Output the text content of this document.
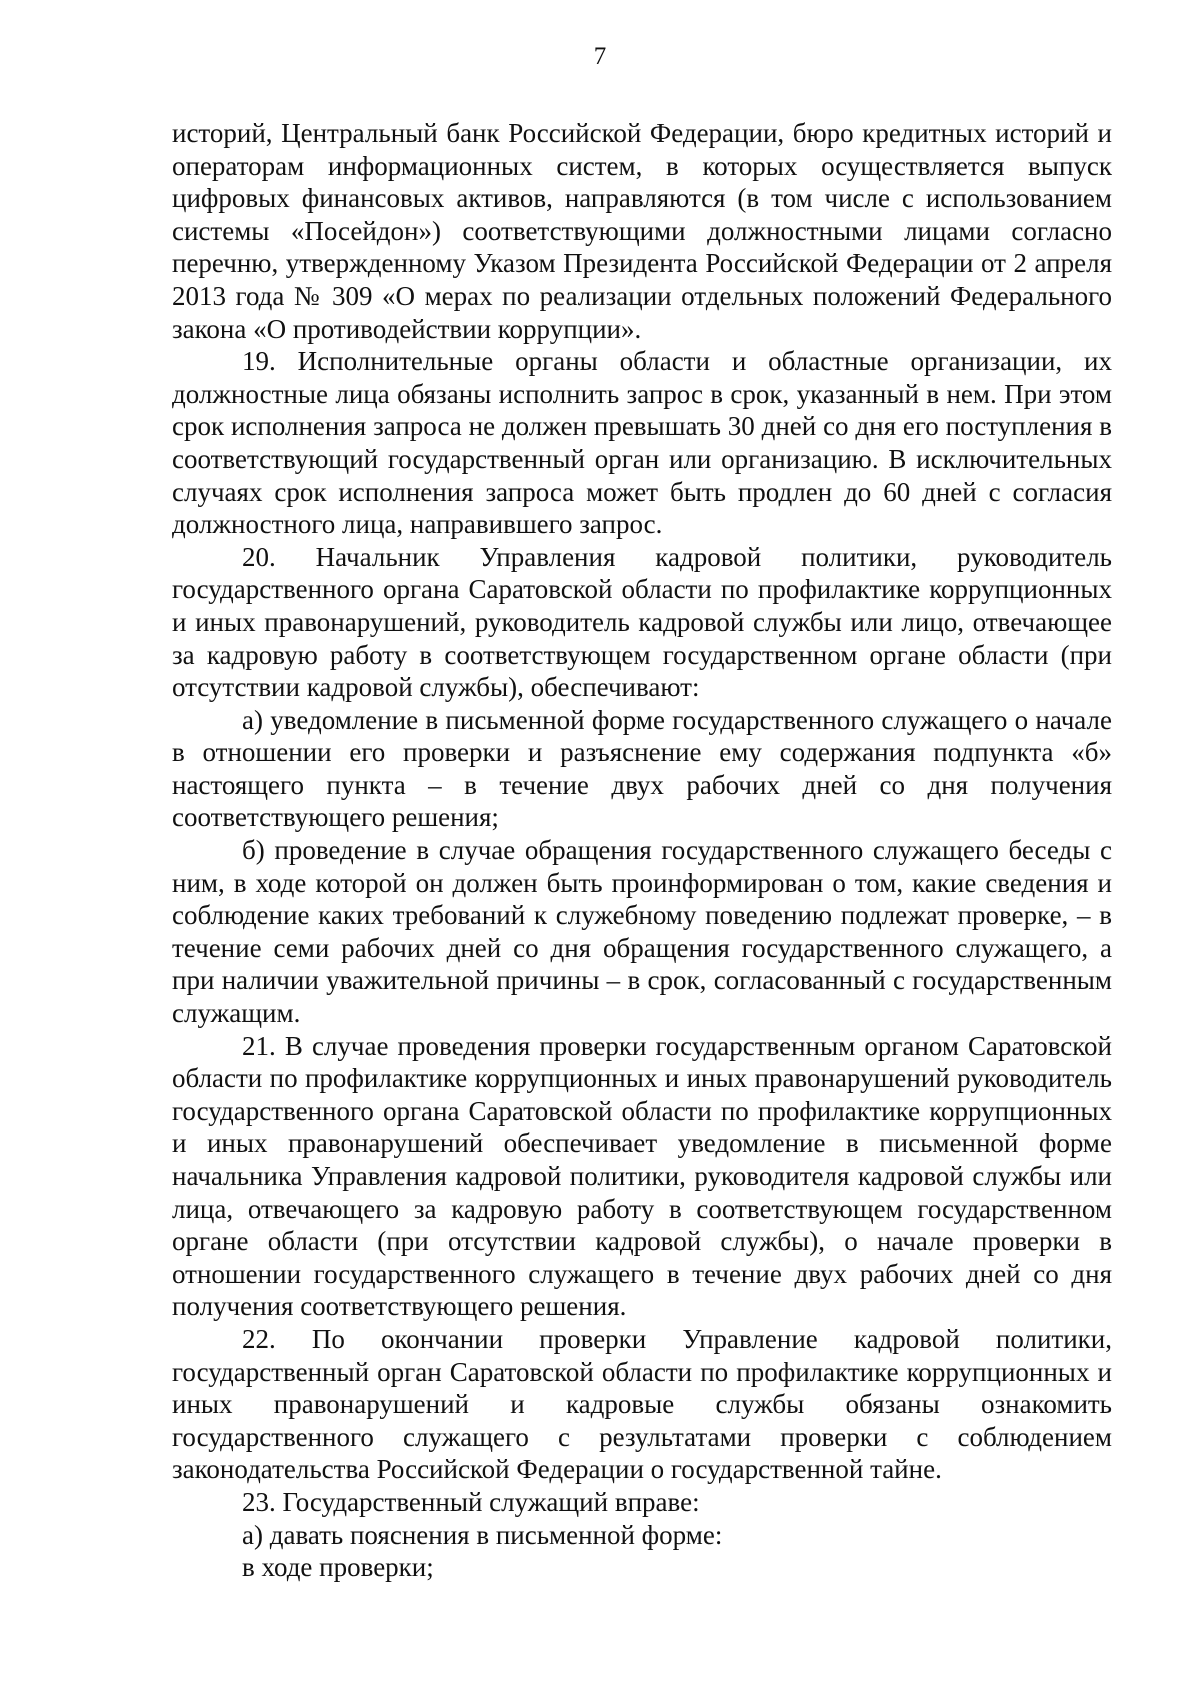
7

историй, Центральный банк Российской Федерации, бюро кредитных историй и операторам информационных систем, в которых осуществляется выпуск цифровых финансовых активов, направляются (в том числе с использованием системы «Посейдон») соответствующими должностными лицами согласно перечню, утвержденному Указом Президента Российской Федерации от 2 апреля 2013 года № 309 «О мерах по реализации отдельных положений Федерального закона «О противодействии коррупции».

19. Исполнительные органы области и областные организации, их должностные лица обязаны исполнить запрос в срок, указанный в нем. При этом срок исполнения запроса не должен превышать 30 дней со дня его поступления в соответствующий государственный орган или организацию. В исключительных случаях срок исполнения запроса может быть продлен до 60 дней с согласия должностного лица, направившего запрос.

20. Начальник Управления кадровой политики, руководитель государственного органа Саратовской области по профилактике коррупционных и иных правонарушений, руководитель кадровой службы или лицо, отвечающее за кадровую работу в соответствующем государственном органе области (при отсутствии кадровой службы), обеспечивают:

а) уведомление в письменной форме государственного служащего о начале в отношении его проверки и разъяснение ему содержания подпункта «б» настоящего пункта – в течение двух рабочих дней со дня получения соответствующего решения;

б) проведение в случае обращения государственного служащего беседы с ним, в ходе которой он должен быть проинформирован о том, какие сведения и соблюдение каких требований к служебному поведению подлежат проверке, – в течение семи рабочих дней со дня обращения государственного служащего, а при наличии уважительной причины – в срок, согласованный с государственным служащим.

21. В случае проведения проверки государственным органом Саратовской области по профилактике коррупционных и иных правонарушений руководитель государственного органа Саратовской области по профилактике коррупционных и иных правонарушений обеспечивает уведомление в письменной форме начальника Управления кадровой политики, руководителя кадровой службы или лица, отвечающего за кадровую работу в соответствующем государственном органе области (при отсутствии кадровой службы), о начале проверки в отношении государственного служащего в течение двух рабочих дней со дня получения соответствующего решения.

22. По окончании проверки Управление кадровой политики, государственный орган Саратовской области по профилактике коррупционных и иных правонарушений и кадровые службы обязаны ознакомить государственного служащего с результатами проверки с соблюдением законодательства Российской Федерации о государственной тайне.

23. Государственный служащий вправе:

а) давать пояснения в письменной форме:

в ходе проверки;
